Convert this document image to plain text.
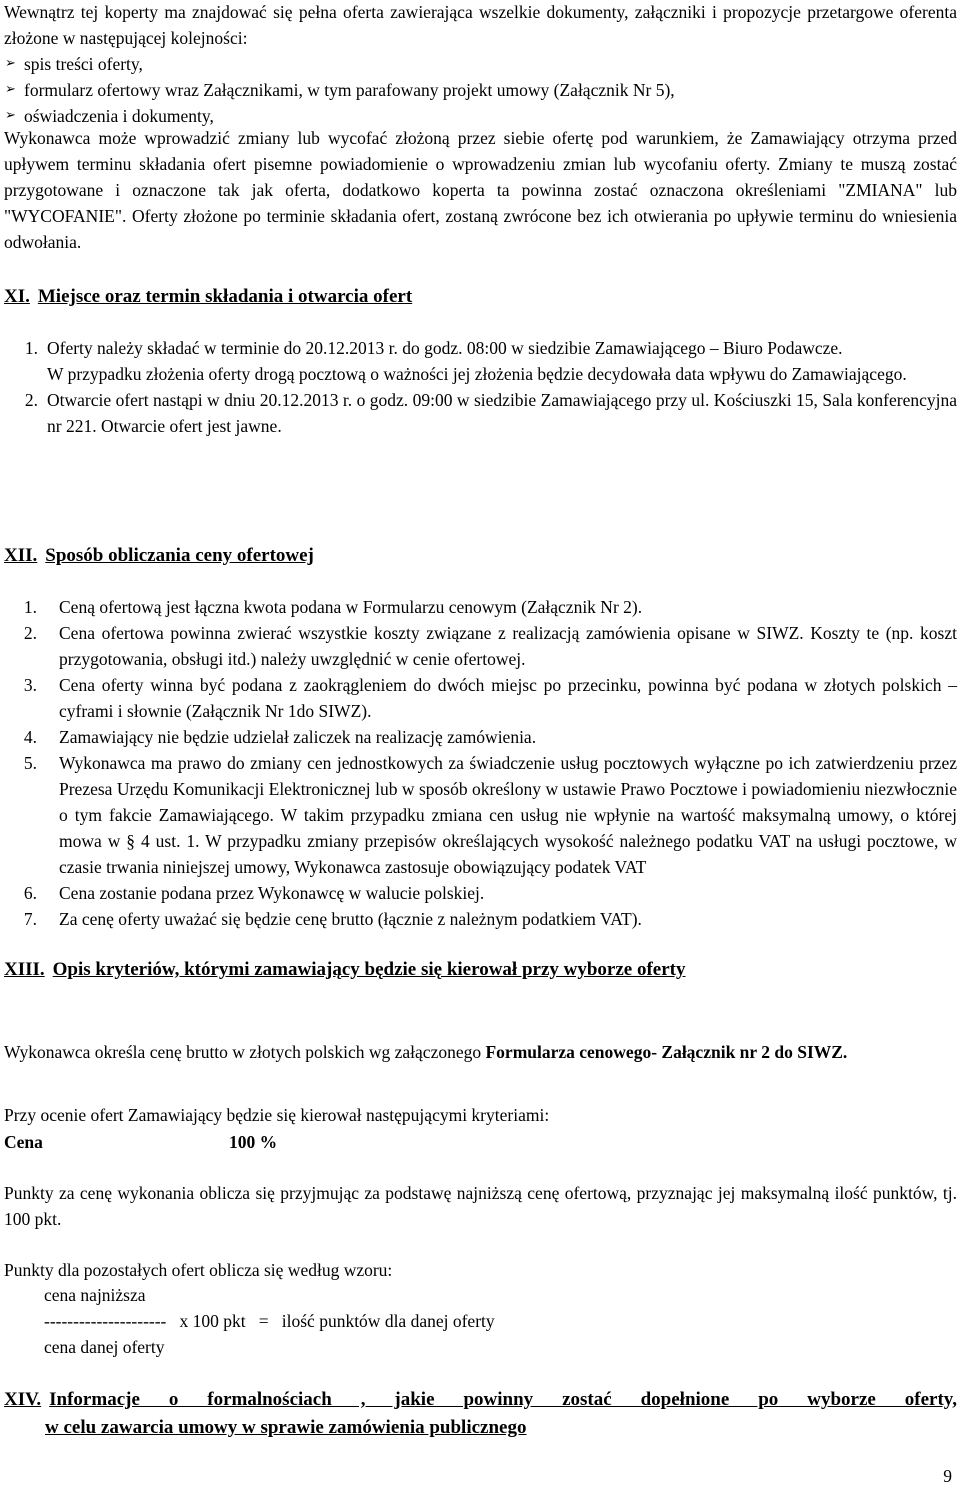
Wewnątrz tej koperty ma znajdować się pełna oferta zawierająca wszelkie dokumenty, załączniki i propozycje przetargowe oferenta złożone w następującej kolejności:

➢ spis treści oferty,
➢ formularz ofertowy wraz Załącznikami, w tym parafowany projekt umowy (Załącznik Nr 5),
➢ oświadczenia i dokumenty,

Wykonawca może wprowadzić zmiany lub wycofać złożoną przez siebie ofertę pod warunkiem, że Zamawiający otrzyma przed upływem terminu składania ofert pisemne powiadomienie o wprowadzeniu zmian lub wycofaniu oferty. Zmiany te muszą zostać przygotowane i oznaczone tak jak oferta, dodatkowo koperta ta powinna zostać oznaczona określeniami "ZMIANA" lub "WYCOFANIE". Oferty złożone po terminie składania ofert, zostaną zwrócone bez ich otwierania po upływie terminu do wniesienia odwołania.

XI. Miejsce oraz termin składania i otwarcia ofert
1. Oferty należy składać w terminie do 20.12.2013 r. do godz. 08:00 w siedzibie Zamawiającego – Biuro Podawcze.

W przypadku złożenia oferty drogą pocztową o ważności jej złożenia będzie decydowała data wpływu do Zamawiającego.

2. Otwarcie ofert nastąpi w dniu 20.12.2013 r. o godz. 09:00 w siedzibie Zamawiającego przy ul. Kościuszki 15, Sala konferencyjna nr 221. Otwarcie ofert jest jawne.

XII. Sposób obliczania ceny ofertowej
1. Ceną ofertową jest łączna kwota podana w Formularzu cenowym (Załącznik Nr 2).

2. Cena ofertowa powinna zwierać wszystkie koszty związane z realizacją zamówienia opisane w SIWZ. Koszty te (np. koszt przygotowania, obsługi itd.) należy uwzględnić w cenie ofertowej.

3. Cena oferty winna być podana z zaokrągleniem do dwóch miejsc po przecinku, powinna być podana w złotych polskich – cyframi i słownie (Załącznik Nr 1do SIWZ).

4. Zamawiający nie będzie udzielał zaliczek na realizację zamówienia.

5. Wykonawca ma prawo do zmiany cen jednostkowych za świadczenie usług pocztowych wyłączne po ich zatwierdzeniu przez Prezesa Urzędu Komunikacji Elektronicznej lub w sposób określony w ustawie Prawo Pocztowe i powiadomieniu niezwłocznie o tym fakcie Zamawiającego. W takim przypadku zmiana cen usług nie wpłynie na wartość maksymalną umowy, o której mowa w § 4 ust. 1. W przypadku zmiany przepisów określających wysokość należnego podatku VAT na usługi pocztowe, w czasie trwania niniejszej umowy, Wykonawca zastosuje obowiązujący podatek VAT

6. Cena zostanie podana przez Wykonawcę w walucie polskiej.

7. Za cenę oferty uważać się będzie cenę brutto (łącznie z należnym podatkiem VAT).

XIII. Opis kryteriów, którymi zamawiający będzie się kierował przy wyborze oferty

Wykonawca określa cenę brutto w złotych polskich wg załączonego Formularza cenowego- Załącznik nr 2 do SIWZ.

Przy ocenie ofert Zamawiający będzie się kierował następującymi kryteriami:

Cena	100 %

Punkty za cenę wykonania oblicza się przyjmując za podstawę najniższą cenę ofertową, przyznając jej maksymalną ilość punktów, tj. 100 pkt.

Punkty dla pozostałych ofert oblicza się według wzoru:

cena najniższa
--------------------- x 100 pkt = ilość punktów dla danej oferty
cena danej oferty

XIV. Informacje o formalnościach , jakie powinny zostać dopełnione po wyborze oferty,

w celu zawarcia umowy w sprawie zamówienia publicznego

9
